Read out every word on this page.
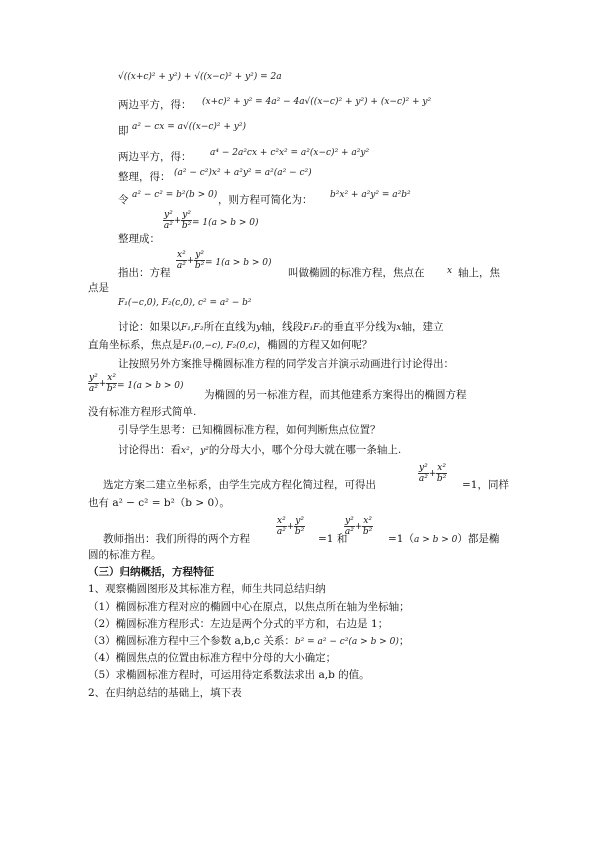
√((x+c)² + y²) + √((x−c)² + y²) = 2a
两边平方，得： (x+c)² + y² = 4a² − 4a√((x−c)² + y²) + (x−c)² + y²
即 a² − cx = a√((x−c)² + y²)
两边平方，得： a⁴ − 2a²cx + c²x² = a²(x−c)² + a²y²
整理，得： (a² − c²)x² + a²y² = a²(a² − c²)
令 a² − c² = b²(b > 0) ，则方程可简化为： b²x² + a²y² = a²b²
整理成：
$\frac{\text{y²}}{\text{a²}} + \frac{\text{y²}}{\text{b²}} = 1(a > b > 0)$
指出：方程
$\frac{\text{x²}}{\text{a²}} + \frac{\text{y²}}{\text{b²}} = 1(a > b > 0)$
叫做椭圆的标准方程，焦点在	x 轴上，焦
点是
F₁(−c,0), F₂(c,0), c² = a² − b²
讨论：如果以F₁,F₂所在直线为y轴，线段F₁F₂的垂直平分线为x轴，建立
直角坐标系，焦点是F₁(0,−c), F₂(0,c)，椭圆的方程又如何呢？
让按照另外方案推导椭圆标准方程的同学发言并演示动画进行讨论得出：
$\frac{\text{y²}}{\text{a²}} + \frac{\text{x²}}{\text{b²}} = 1(a > b > 0)$
为椭圆的另一标准方程，而其他建系方案得出的椭圆方程
没有标准方程形式简单.
引导学生思考：已知椭圆标准方程，如何判断焦点位置？
讨论得出：看x²，y²的分母大小，哪个分母大就在哪一条轴上.
选定方案二建立坐标系，由学生完成方程化简过程，可得出
$\frac{\text{y²}}{\text{a²}} + \frac{\text{x²}}{\text{b²}}$
=1，同样
也有 a² − c² = b²（b > 0）。
教师指出：我们所得的两个方程
$\frac{\text{x²}}{\text{a²}} + \frac{\text{y²}}{\text{b²}}$
=1 和
$\frac{\text{y²}}{\text{a²}} + \frac{\text{x²}}{\text{b²}}$
=1（a > b > 0）都是椭
圆的标准方程。
（三）归纳概括，方程特征
1、观察椭圆图形及其标准方程，师生共同总结归纳
（1）椭圆标准方程对应的椭圆中心在原点，以焦点所在轴为坐标轴；
（2）椭圆标准方程形式：左边是两个分式的平方和，右边是 1；
（3）椭圆标准方程中三个参数 a,b,c 关系：b² = a² − c²(a > b > 0)；
（4）椭圆焦点的位置由标准方程中分母的大小确定；
（5）求椭圆标准方程时，可运用待定系数法求出 a,b 的值。
2、在归纳总结的基础上，填下表
